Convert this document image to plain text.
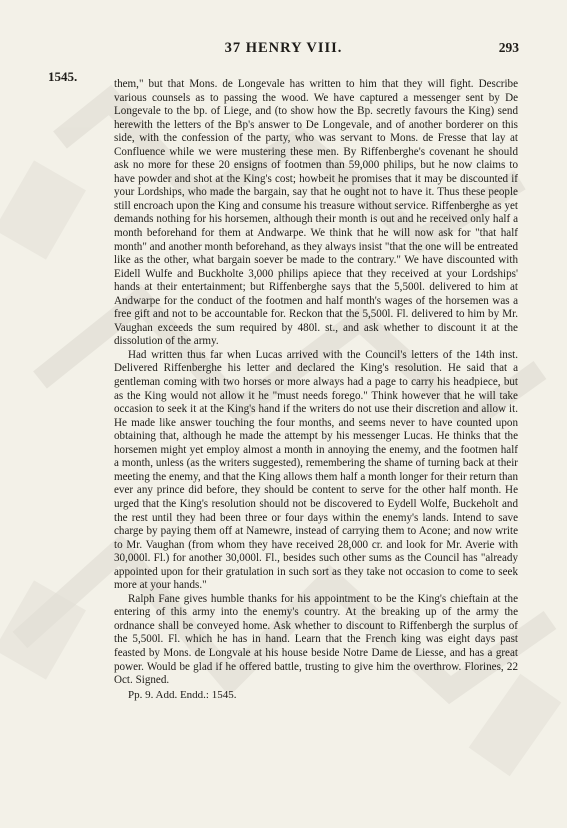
37 HENRY VIII.	293
1545.	them," but that Mons. de Longevale has written to him that they will fight. Describe various counsels as to passing the wood. We have captured a messenger sent by De Longevale to the bp. of Liege, and (to show how the Bp. secretly favours the King) send herewith the letters of the Bp's answer to De Longevale, and of another borderer on this side, with the confession of the party, who was servant to Mons. de Fresse that lay at Confluence while we were mustering these men. By Riffenberghe's covenant he should ask no more for these 20 ensigns of footmen than 59,000 philips, but he now claims to have powder and shot at the King's cost; howbeit he promises that it may be discounted if your Lordships, who made the bargain, say that he ought not to have it. Thus these people still encroach upon the King and consume his treasure without service. Riffenberghe as yet demands nothing for his horsemen, although their month is out and he received only half a month beforehand for them at Andwarpe. We think that he will now ask for "that half month" and another month beforehand, as they always insist "that the one will be entreated like as the other, what bargain soever be made to the contrary." We have discounted with Eidell Wulfe and Buckholte 3,000 philips apiece that they received at your Lordships' hands at their entertainment; but Riffenberghe says that the 5,500l. delivered to him at Andwarpe for the conduct of the footmen and half month's wages of the horsemen was a free gift and not to be accountable for. Reckon that the 5,500l. Fl. delivered to him by Mr. Vaughan exceeds the sum required by 480l. st., and ask whether to discount it at the dissolution of the army.

Had written thus far when Lucas arrived with the Council's letters of the 14th inst. Delivered Riffenberghe his letter and declared the King's resolution. He said that a gentleman coming with two horses or more always had a page to carry his headpiece, but as the King would not allow it he "must needs forego." Think however that he will take occasion to seek it at the King's hand if the writers do not use their discretion and allow it. He made like answer touching the four months, and seems never to have counted upon obtaining that, although he made the attempt by his messenger Lucas. He thinks that the horsemen might yet employ almost a month in annoying the enemy, and the footmen half a month, unless (as the writers suggested), remembering the shame of turning back at their meeting the enemy, and that the King allows them half a month longer for their return than ever any prince did before, they should be content to serve for the other half month. He urged that the King's resolution should not be discovered to Eydell Wolfe, Buckeholt and the rest until they had been three or four days within the enemy's lands. Intend to save charge by paying them off at Namewre, instead of carrying them to Acone; and now write to Mr. Vaughan (from whom they have received 28,000 cr. and look for Mr. Averie with 30,000l. Fl.) for another 30,000l. Fl., besides such other sums as the Council has "already appointed upon for their gratulation in such sort as they take not occasion to come to seek more at your hands."

Ralph Fane gives humble thanks for his appointment to be the King's chieftain at the entering of this army into the enemy's country. At the breaking up of the army the ordnance shall be conveyed home. Ask whether to discount to Riffenbergh the surplus of the 5,500l. Fl. which he has in hand. Learn that the French king was eight days past feasted by Mons. de Longvale at his house beside Notre Dame de Liesse, and has a great power. Would be glad if he offered battle, trusting to give him the overthrow. Florines, 22 Oct. Signed.

Pp. 9. Add. Endd.: 1545.
